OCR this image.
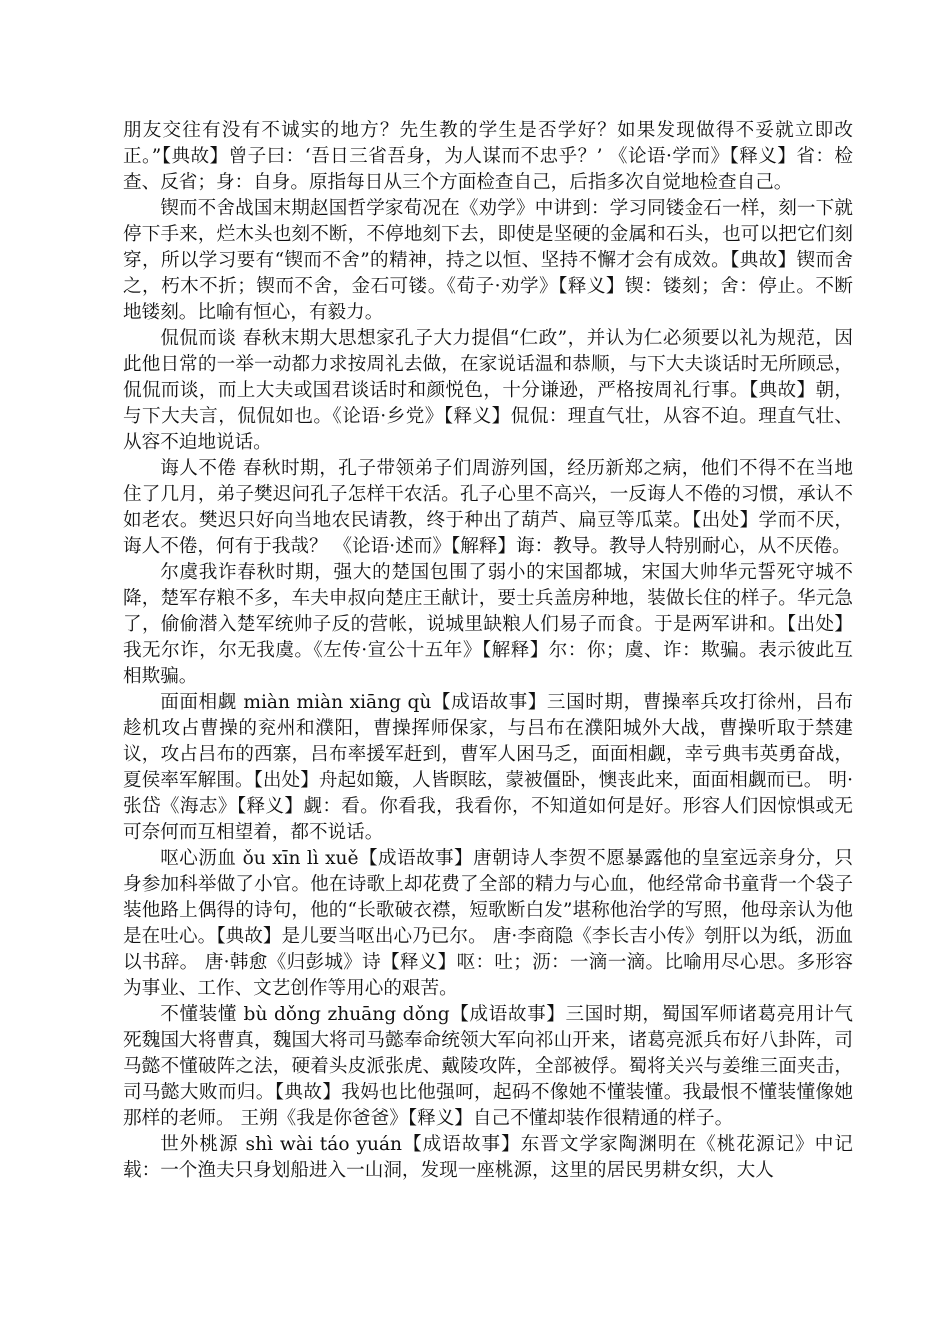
朋友交往有没有不诚实的地方？先生教的学生是否学好？如果发现做得不妥就立即改正。”【典故】曾子曰：‘吾日三省吾身，为人谋而不忠乎？’ 《论语·学而》【释义】省：检查、反省；身：自身。原指每日从三个方面检查自己，后指多次自觉地检查自己。

锲而不舍战国末期赵国哲学家荀况在《劝学》中讲到：学习同镂金石一样，刻一下就停下手来，烂木头也刻不断，不停地刻下去，即使是坚硬的金属和石头，也可以把它们刻穿，所以学习要有“锲而不舍”的精神，持之以恒、坚持不懈才会有成效。【典故】锲而舍之，朽木不折；锲而不舍，金石可镂。《荀子·劝学》【释义】锲：镂刻；舍：停止。不断地镂刻。比喻有恒心，有毅力。

侃侃而谈 春秋末期大思想家孔子大力提倡“仁政”，并认为仁必须要以礼为规范，因此他日常的一举一动都力求按周礼去做，在家说话温和恭顺，与下大夫谈话时无所顾忌，侃侃而谈，而上大夫或国君谈话时和颜悦色，十分谦逊，严格按周礼行事。【典故】朝，与下大夫言，侃侃如也。《论语·乡党》【释义】侃侃：理直气壮，从容不迫。理直气壮、从容不迫地说话。

诲人不倦 春秋时期，孔子带领弟子们周游列国，经历新郑之病，他们不得不在当地住了几月，弟子樊迟问孔子怎样干农活。孔子心里不高兴，一反诲人不倦的习惯，承认不如老农。樊迟只好向当地农民请教，终于种出了葫芦、扁豆等瓜菜。【出处】学而不厌，诲人不倦，何有于我哉？ 《论语·述而》【解释】诲：教导。教导人特别耐心，从不厌倦。

尔虞我诈春秋时期，强大的楚国包围了弱小的宋国都城，宋国大帅华元誓死守城不降，楚军存粮不多，车夫申叔向楚庄王献计，要士兵盖房种地，装做长住的样子。华元急了，偷偷潜入楚军统帅子反的营帐，说城里缺粮人们易子而食。于是两军讲和。【出处】我无尔诈，尔无我虞。《左传·宣公十五年》【解释】尔：你；虞、诈：欺骗。表示彼此互相欺骗。

面面相觑 miàn miàn xiāng qù【成语故事】三国时期，曹操率兵攻打徐州，吕布趁机攻占曹操的兖州和濮阳，曹操挥师保家，与吕布在濮阳城外大战，曹操听取于禁建议，攻占吕布的西寨，吕布率援军赶到，曹军人困马乏，面面相觑，幸亏典韦英勇奋战，夏侯率军解围。【出处】舟起如簸，人皆瞑眩，蒙被僵卧，懊丧此来，面面相觑而已。 明·张岱《海志》【释义】觑：看。你看我，我看你，不知道如何是好。形容人们因惊惧或无可奈何而互相望着，都不说话。

呕心沥血 ǒu xīn lì xuě【成语故事】唐朝诗人李贺不愿暴露他的皇室远亲身分，只身参加科举做了小官。他在诗歌上却花费了全部的精力与心血，他经常命书童背一个袋子装他路上偶得的诗句，他的“长歌破衣襟，短歌断白发”堪称他治学的写照，他母亲认为他是在吐心。【典故】是儿要当呕出心乃已尔。 唐·李商隐《李长吉小传》刳肝以为纸，沥血以书辞。 唐·韩愈《归彭城》诗【释义】呕：吐；沥：一滴一滴。比喻用尽心思。多形容为事业、工作、文艺创作等用心的艰苦。

不懂装懂 bù dǒng zhuāng dǒng【成语故事】三国时期，蜀国军师诸葛亮用计气死魏国大将曹真，魏国大将司马懿奉命统领大军向祁山开来，诸葛亮派兵布好八卦阵，司马懿不懂破阵之法，硬着头皮派张虎、戴陵攻阵，全部被俘。蜀将关兴与姜维三面夹击，司马懿大败而归。【典故】我妈也比他强呵，起码不像她不懂装懂。我最恨不懂装懂像她那样的老师。 王朔《我是你爸爸》【释义】自己不懂却装作很精通的样子。

世外桃源 shì wài táo yuán【成语故事】东晋文学家陶渊明在《桃花源记》中记载：一个渔夫只身划船进入一山洞，发现一座桃源，这里的居民男耕女织，大人
